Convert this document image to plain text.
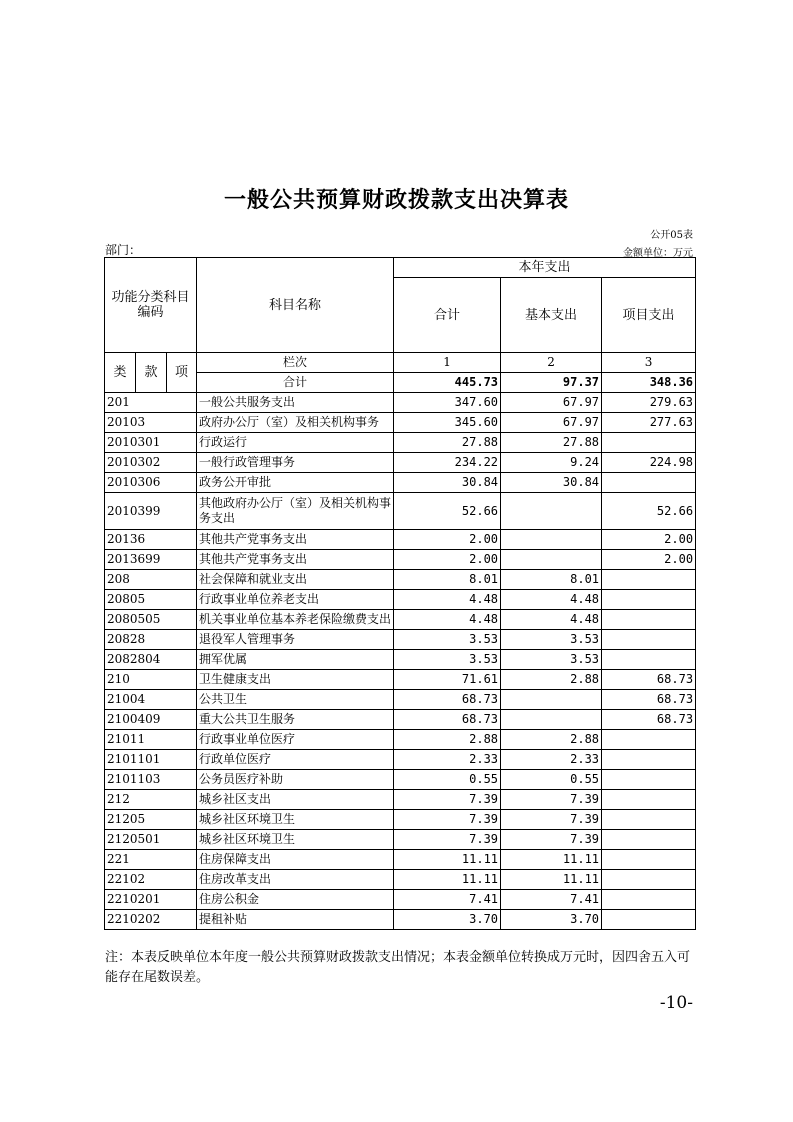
一般公共预算财政拨款支出决算表
公开05表
部门：	金额单位：万元
功能分类科目编码			科目名称	本年支出		
				合计	基本支出	项目支出

类	款	项	栏次	1	2	3
			合计	445.73	97.37	348.36
201			一般公共服务支出	347.60	67.97	279.63
20103			政府办公厅（室）及相关机构事务	345.60	67.97	277.63
2010301			行政运行	27.88	27.88	
2010302			一般行政管理事务	234.22	9.24	224.98
2010306			政务公开审批	30.84	30.84	
2010399			其他政府办公厅（室）及相关机构事务支出	52.66		52.66
20136			其他共产党事务支出	2.00		2.00
2013699			其他共产党事务支出	2.00		2.00
208			社会保障和就业支出	8.01	8.01	
20805			行政事业单位养老支出	4.48	4.48	
2080505			机关事业单位基本养老保险缴费支出	4.48	4.48	
20828			退役军人管理事务	3.53	3.53	
2082804			拥军优属	3.53	3.53	
210			卫生健康支出	71.61	2.88	68.73
21004			公共卫生	68.73		68.73
2100409			重大公共卫生服务	68.73		68.73
21011			行政事业单位医疗	2.88	2.88	
2101101			行政单位医疗	2.33	2.33	
2101103			公务员医疗补助	0.55	0.55	
212			城乡社区支出	7.39	7.39	
21205			城乡社区环境卫生	7.39	7.39	
2120501			城乡社区环境卫生	7.39	7.39	
221			住房保障支出	11.11	11.11	
22102			住房改革支出	11.11	11.11	
2210201			住房公积金	7.41	7.41	
2210202			提租补贴	3.70	3.70	
注：本表反映单位本年度一般公共预算财政拨款支出情况；本表金额单位转换成万元时，因四舍五入可能存在尾数误差。
-10-
